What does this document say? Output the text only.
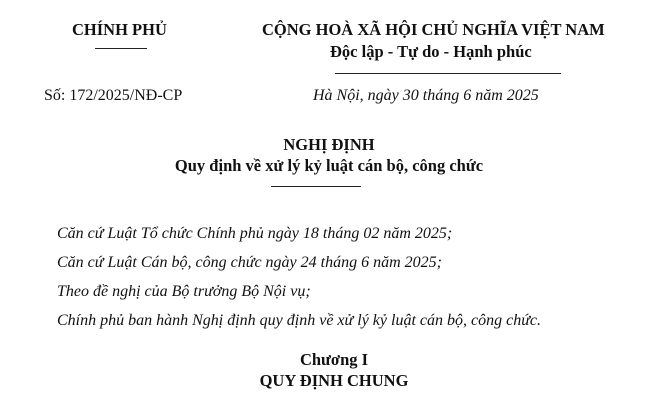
CHÍNH PHỦ	CỘNG HOÀ XÃ HỘI CHỦ NGHĨA VIỆT NAM
Độc lập - Tự do - Hạnh phúc
Số: 172/2025/NĐ-CP	Hà Nội, ngày 30 tháng 6 năm 2025
NGHỊ ĐỊNH
Quy định về xử lý kỷ luật cán bộ, công chức
Căn cứ Luật Tổ chức Chính phủ ngày 18 tháng 02 năm 2025;
Căn cứ Luật Cán bộ, công chức ngày 24 tháng 6 năm 2025;
Theo đề nghị của Bộ trưởng Bộ Nội vụ;
Chính phủ ban hành Nghị định quy định về xử lý kỷ luật cán bộ, công chức.
Chương I
QUY ĐỊNH CHUNG
